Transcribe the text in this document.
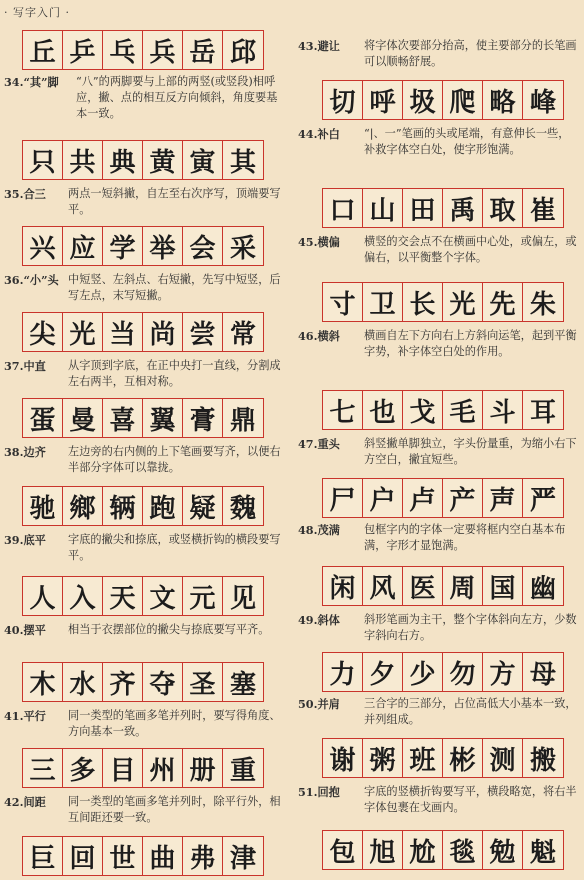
· 写字入门 ·
丘 乒 乓 兵 岳 邱
34.“其”脚 “八”的两脚要与上部的两竖(或竖段)相呼应，撇、点的相互反方向倾斜，角度要基本一致。
只 共 典 黄 寅 其
35.合三 两点一短斜撇，自左至右次序写，顶端要写平。
兴 应 学 举 会 采
36.“小”头 中短竖、左斜点、右短撇，先写中短竖，后写左点，末写短撇。
尖 光 当 尚 尝 常
37.中直 从字顶到字底，在正中央打一直线，分割成左右两半，互相对称。
蛋 曼 喜 翼 膏 鼎
38.边齐 左边旁的右内侧的上下笔画要写齐，以便右半部分字体可以靠拢。
驰 鄉 辆 跑 疑 魏
39.底平 字底的撇尖和捺底，或竖横折钩的横段要写平。
人 入 天 文 元 见
40.摆平 相当于衣摆部位的撇尖与捺底要写平齐。
木 水 齐 夺 圣 塞
41.平行 同一类型的笔画多笔并列时，要写得角度、方向基本一致。
三 多 目 州 册 重
42.间距 同一类型的笔画多笔并列时，除平行外，相互间距还要一致。
巨 回 世 曲 弗 津
43.避让 将字体次要部分抬高，使主要部分的长笔画可以顺畅舒展。
切 呼 圾 爬 略 峰
44.补白 “|、一”笔画的头或尾端，有意伸长一些，补救字体空白处，使字形饱满。
口 山 田 禹 取 崔
45.横偏 横竖的交会点不在横画中心处，或偏左，或偏右，以平衡整个字体。
寸 卫 长 光 先 朱
46.横斜 横画自左下方向右上方斜向运笔，起到平衡字势，补字体空白处的作用。
七 也 戈 毛 斗 耳
47.重头 斜竖撇单脚独立，字头份量重，为缩小右下方空白，撇宜短些。
尸 户 卢 产 声 严
48.茂满 包框字内的字体一定要将框内空白基本布满，字形才显饱满。
闲 风 医 周 国 幽
49.斜体 斜形笔画为主干，整个字体斜向左方，少数字斜向右方。
力 夕 少 勿 方 母
50.并肩 三合字的三部分，占位高低大小基本一致，并列组成。
谢 粥 班 彬 测 搬
51.回抱 字底的竖横折钩要写平，横段略宽，将右半字体包裹在戈画内。
包 旭 尬 毯 勉 魁
